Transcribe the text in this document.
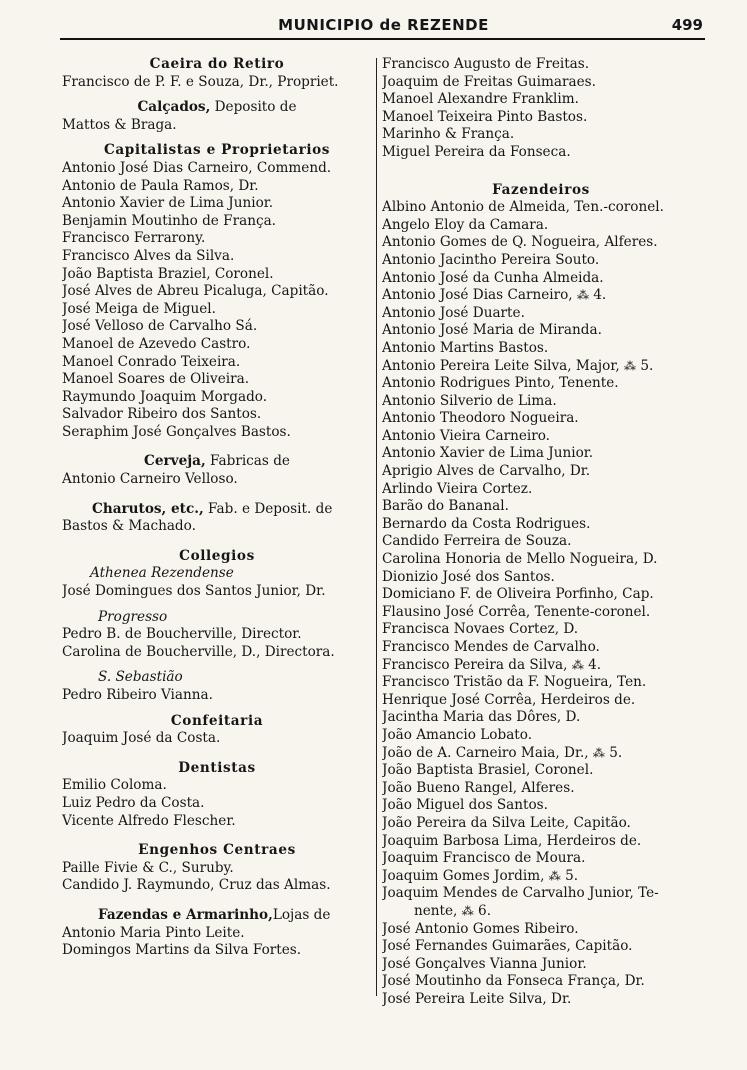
MUNICIPIO de REZENDE	499
Caeira do Retiro
Francisco de P. F. e Souza, Dr., Propriet.
Calçados, Deposito de
Mattos & Braga.
Capitalistas e Proprietarios
Antonio José Dias Carneiro, Commend.
Antonio de Paula Ramos, Dr.
Antonio Xavier de Lima Junior.
Benjamin Moutinho de França.
Francisco Ferrarony.
Francisco Alves da Silva.
João Baptista Braziel, Coronel.
José Alves de Abreu Picaluga, Capitão.
José Meiga de Miguel.
José Velloso de Carvalho Sá.
Manoel de Azevedo Castro.
Manoel Conrado Teixeira.
Manoel Soares de Oliveira.
Raymundo Joaquim Morgado.
Salvador Ribeiro dos Santos.
Seraphim José Gonçalves Bastos.
Cerveja, Fabricas de
Antonio Carneiro Velloso.
Charutos, etc., Fab. e Deposit. de
Bastos & Machado.
Collegios
Athenea Rezendense
José Domingues dos Santos Junior, Dr.
Progresso
Pedro B. de Boucherville, Director.
Carolina de Boucherville, D., Directora.
S. Sebastião
Pedro Ribeiro Vianna.
Confeitaria
Joaquim José da Costa.
Dentistas
Emilio Coloma.
Luiz Pedro da Costa.
Vicente Alfredo Flescher.
Engenhos Centraes
Paille Fivie & C., Suruby.
Candido J. Raymundo, Cruz das Almas.
Fazendas e Armarinho,Lojas de
Antonio Maria Pinto Leite.
Domingos Martins da Silva Fortes.
Francisco Augusto de Freitas.
Joaquim de Freitas Guimaraes.
Manoel Alexandre Franklim.
Manoel Teixeira Pinto Bastos.
Marinho & França.
Miguel Pereira da Fonseca.
Fazendeiros
Albino Antonio de Almeida, Ten.-coronel.
Angelo Eloy da Camara.
Antonio Gomes de Q. Nogueira, Alferes.
Antonio Jacintho Pereira Souto.
Antonio José da Cunha Almeida.
Antonio José Dias Carneiro, ⁂ 4.
Antonio José Duarte.
Antonio José Maria de Miranda.
Antonio Martins Bastos.
Antonio Pereira Leite Silva, Major, ⁂ 5.
Antonio Rodrigues Pinto, Tenente.
Antonio Silverio de Lima.
Antonio Theodoro Nogueira.
Antonio Vieira Carneiro.
Antonio Xavier de Lima Junior.
Aprigio Alves de Carvalho, Dr.
Arlindo Vieira Cortez.
Barão do Bananal.
Bernardo da Costa Rodrigues.
Candido Ferreira de Souza.
Carolina Honoria de Mello Nogueira, D.
Dionizio José dos Santos.
Domiciano F. de Oliveira Porfinho, Cap.
Flausino José Corrêa, Tenente-coronel.
Francisca Novaes Cortez, D.
Francisco Mendes de Carvalho.
Francisco Pereira da Silva, ⁂ 4.
Francisco Tristão da F. Nogueira, Ten.
Henrique José Corrêa, Herdeiros de.
Jacintha Maria das Dôres, D.
João Amancio Lobato.
João de A. Carneiro Maia, Dr., ⁂ 5.
João Baptista Brasiel, Coronel.
João Bueno Rangel, Alferes.
João Miguel dos Santos.
João Pereira da Silva Leite, Capitão.
Joaquim Barbosa Lima, Herdeiros de.
Joaquim Francisco de Moura.
Joaquim Gomes Jordim, ⁂ 5.
Joaquim Mendes de Carvalho Junior, Te-
nente, ⁂ 6.
José Antonio Gomes Ribeiro.
José Fernandes Guimarães, Capitão.
José Gonçalves Vianna Junior.
José Moutinho da Fonseca França, Dr.
José Pereira Leite Silva, Dr.
